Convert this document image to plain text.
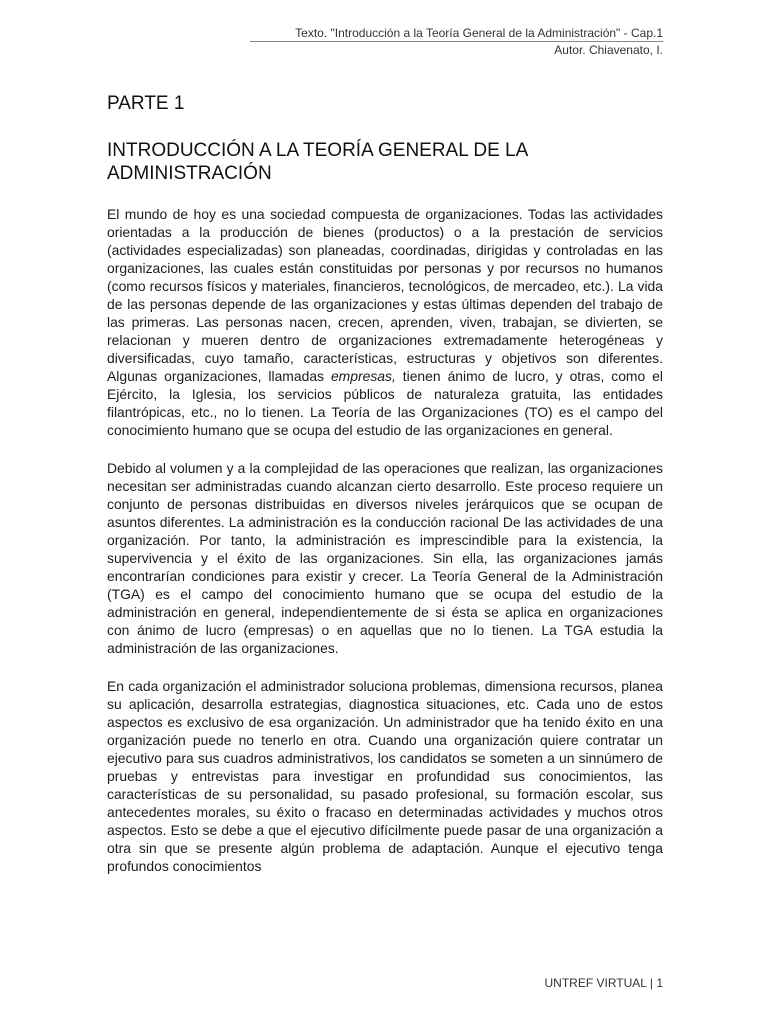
Texto. "Introducción a la Teoría General de la Administración" - Cap.1
Autor. Chiavenato, I.
PARTE 1
INTRODUCCIÓN A LA TEORÍA GENERAL DE LA ADMINISTRACIÓN

El mundo de hoy es una sociedad compuesta de organizaciones. Todas las actividades orientadas a la producción de bienes (productos) o a la prestación de servicios (actividades especializadas) son planeadas, coordinadas, dirigidas y controladas en las organizaciones, las cuales están constituidas por personas y por recursos no humanos (como recursos físicos y materiales, financieros, tecnológicos, de mercadeo, etc.). La vida de las personas depende de las organizaciones y estas últimas dependen del trabajo de las primeras. Las personas nacen, crecen, aprenden, viven, trabajan, se divierten, se relacionan y mueren dentro de organizaciones extremadamente heterogéneas y diversificadas, cuyo tamaño, características, estructuras y objetivos son diferentes. Algunas organizaciones, llamadas empresas, tienen ánimo de lucro, y otras, como el Ejército, la Iglesia, los servicios públicos de naturaleza gratuita, las entidades filantrópicas, etc., no lo tienen. La Teoría de las Organizaciones (TO) es el campo del conocimiento humano que se ocupa del estudio de las organizaciones en general.

Debido al volumen y a la complejidad de las operaciones que realizan, las organizaciones necesitan ser administradas cuando alcanzan cierto desarrollo. Este proceso requiere un conjunto de personas distribuidas en diversos niveles jerárquicos que se ocupan de asuntos diferentes. La administración es la conducción racional De las actividades de una organización. Por tanto, la administración es imprescindible para la existencia, la supervivencia y el éxito de las organizaciones. Sin ella, las organizaciones jamás encontrarían condiciones para existir y crecer. La Teoría General de la Administración (TGA) es el campo del conocimiento humano que se ocupa del estudio de la administración en general, independientemente de si ésta se aplica en organizaciones con ánimo de lucro (empresas) o en aquellas que no lo tienen. La TGA estudia la administración de las organizaciones.

En cada organización el administrador soluciona problemas, dimensiona recursos, planea su aplicación, desarrolla estrategias, diagnostica situaciones, etc. Cada uno de estos aspectos es exclusivo de esa organización. Un administrador que ha tenido éxito en una organización puede no tenerlo en otra. Cuando una organización quiere contratar un ejecutivo para sus cuadros administrativos, los candidatos se someten a un sinnúmero de pruebas y entrevistas para investigar en profundidad sus conocimientos, las características de su personalidad, su pasado profesional, su formación escolar, sus antecedentes morales, su éxito o fracaso en determinadas actividades y muchos otros aspectos. Esto se debe a que el ejecutivo difícilmente puede pasar de una organización a otra sin que se presente algún problema de adaptación. Aunque el ejecutivo tenga profundos conocimientos

UNTREF VIRTUAL | 1
